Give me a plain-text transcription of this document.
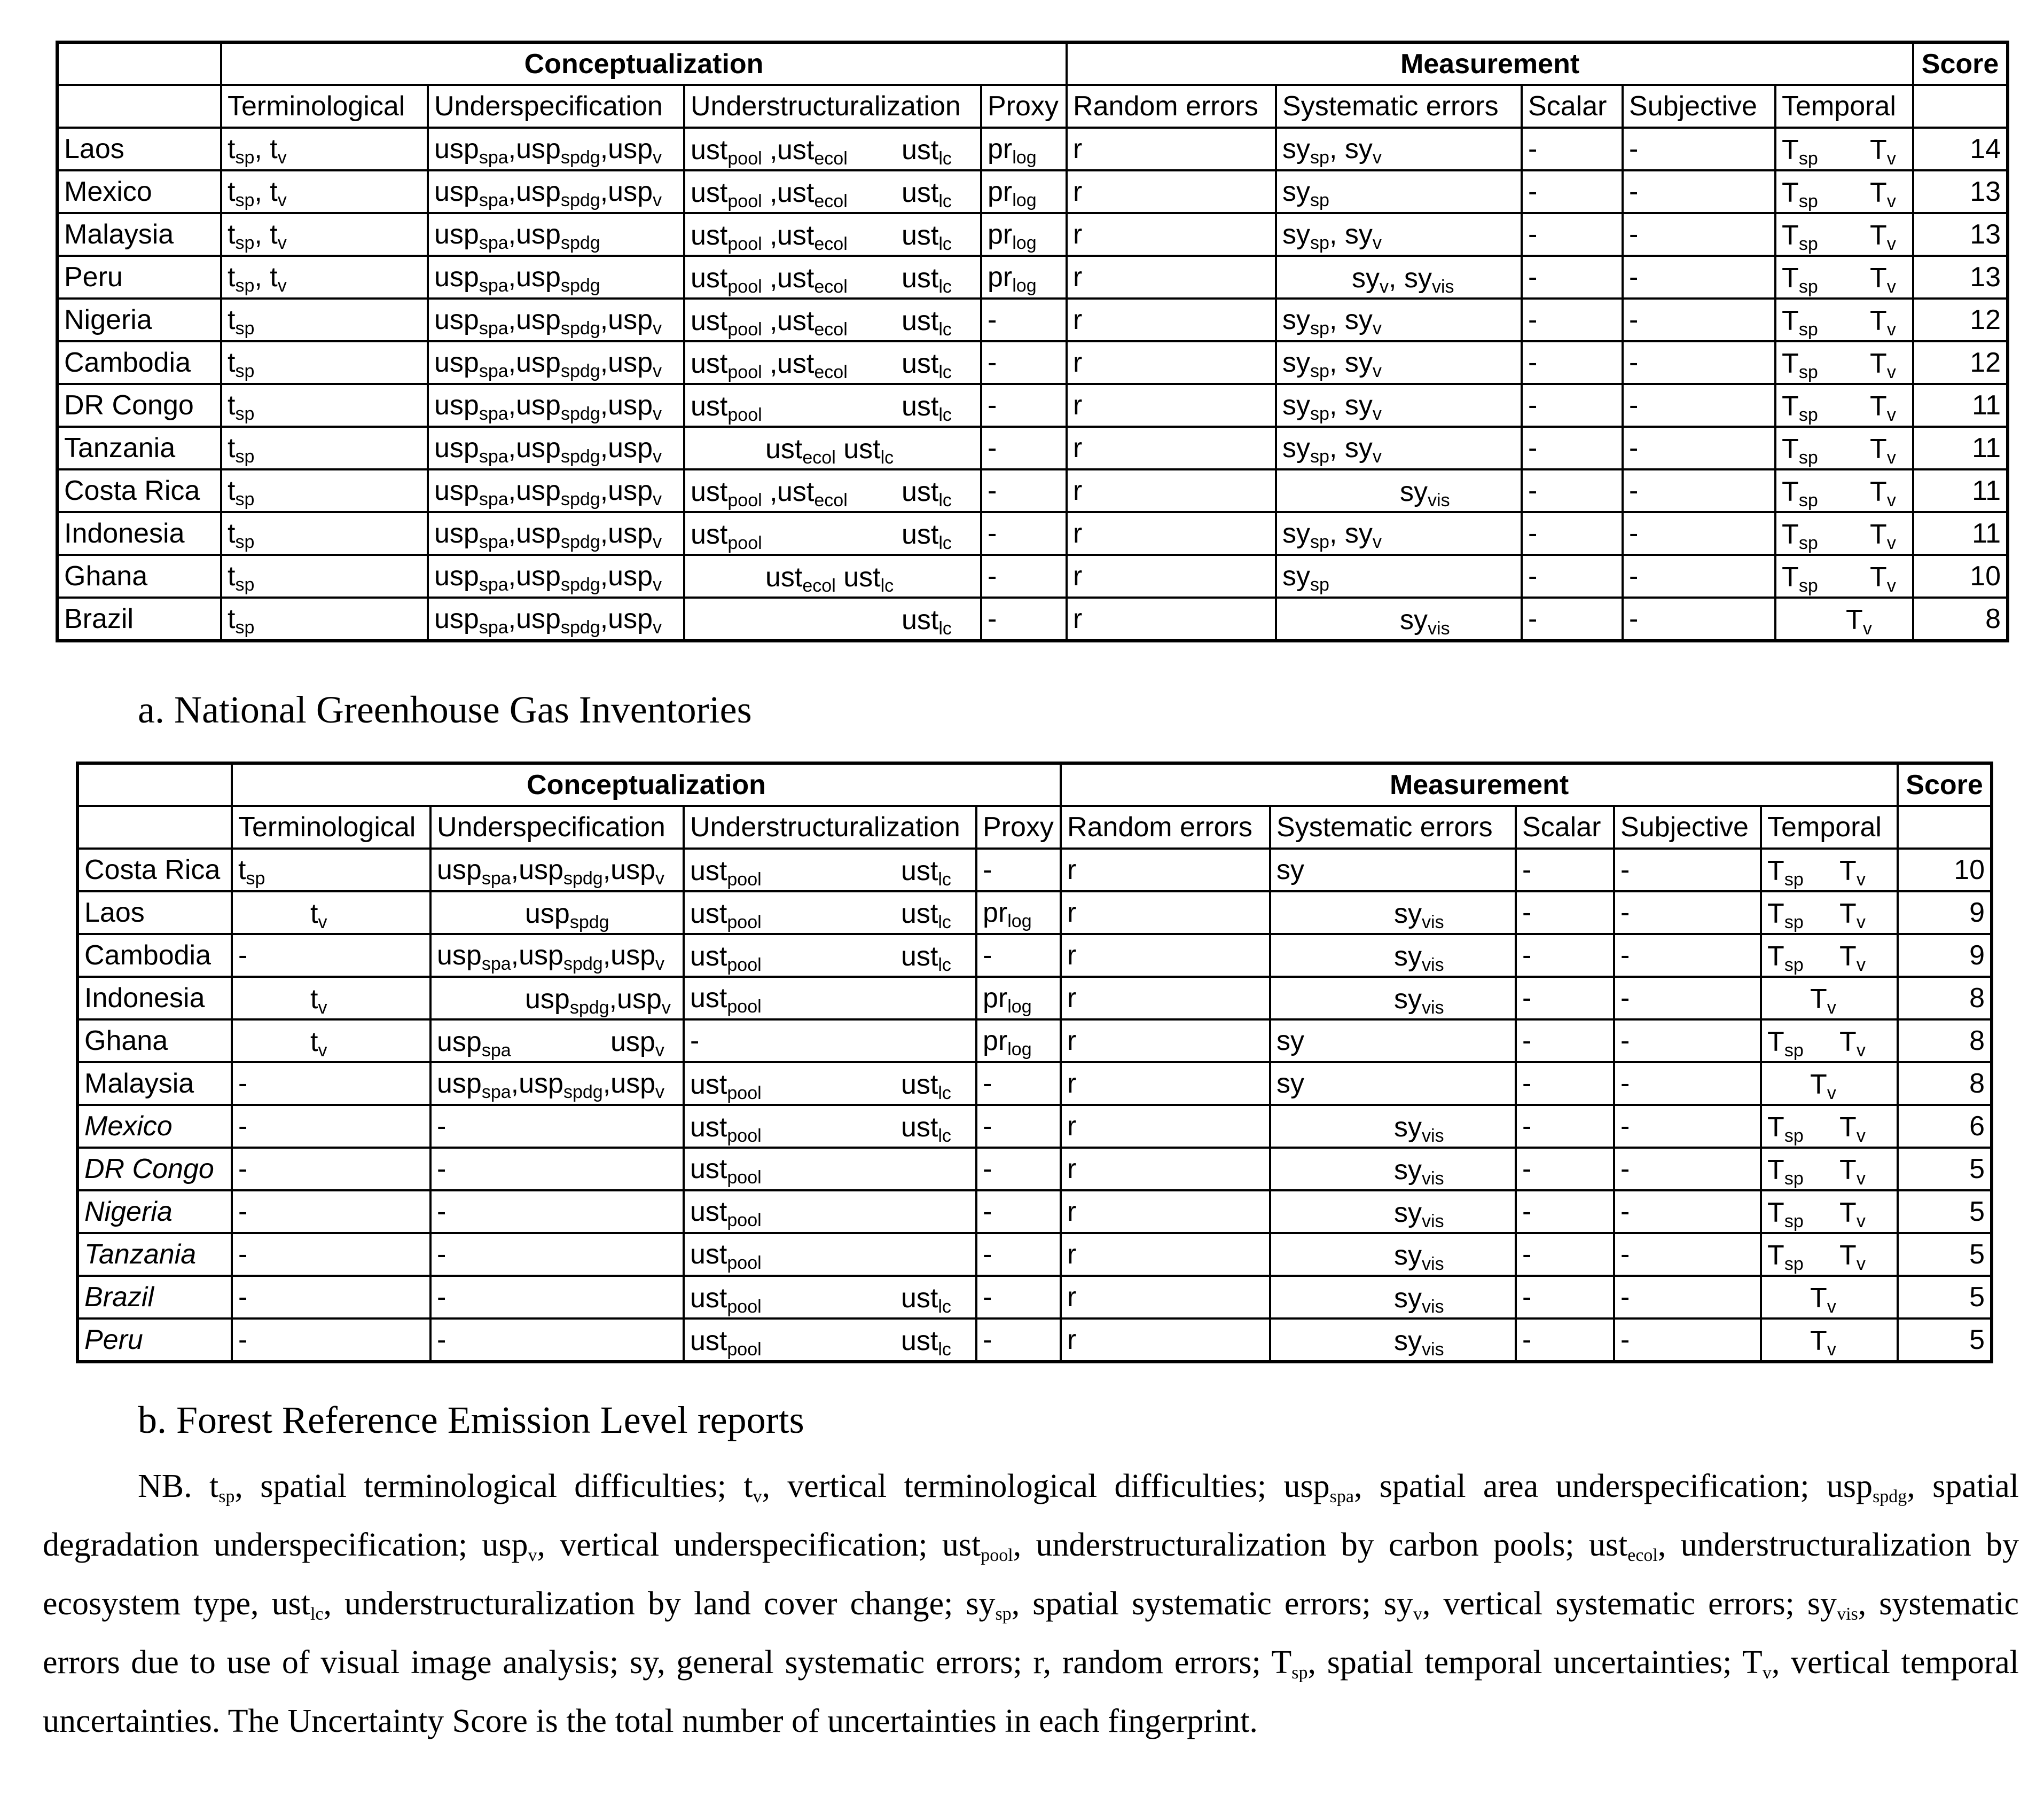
	Conceptualization				Measurement					Score
	Terminological	Underspecification	Understructuralization	Proxy	Random errors	Systematic errors	Scalar	Subjective	Temporal	
Laos	$t_{sp}$, $t_v$	usp$_{spa}$,usp$_{spdg}$,usp$_v$	ust$_{pool}$ , ust$_{ecol}$ ust$_{lc}$	$pr_{log}$	r	$sy_{sp}$, $sy_v$	-	-	$T_{sp}$ $T_v$	14
Mexico	$t_{sp}$, $t_v$	usp$_{spa}$,usp$_{spdg}$,usp$_v$	ust$_{pool}$ , ust$_{ecol}$ ust$_{lc}$	$pr_{log}$	r	$sy_{sp}$	-	-	$T_{sp}$ $T_v$	13
Malaysia	$t_{sp}$, $t_v$	usp$_{spa}$,usp$_{spdg}$	ust$_{pool}$ , ust$_{ecol}$ ust$_{lc}$	$pr_{log}$	r	$sy_{sp}$, $sy_v$	-	-	$T_{sp}$ $T_v$	13
Peru	$t_{sp}$, $t_v$	usp$_{spa}$,usp$_{spdg}$	ust$_{pool}$ , ust$_{ecol}$ ust$_{lc}$	$pr_{log}$	r	$sy_v$, $sy_{vis}$	-	-	$T_{sp}$ $T_v$	13
Nigeria	$t_{sp}$	usp$_{spa}$,usp$_{spdg}$,usp$_v$	ust$_{pool}$ , ust$_{ecol}$ ust$_{lc}$	-	r	$sy_{sp}$, $sy_v$	-	-	$T_{sp}$ $T_v$	12
Cambodia	$t_{sp}$	usp$_{spa}$,usp$_{spdg}$,usp$_v$	ust$_{pool}$ , ust$_{ecol}$ ust$_{lc}$	-	r	$sy_{sp}$, $sy_v$	-	-	$T_{sp}$ $T_v$	12
DR Congo	$t_{sp}$	usp$_{spa}$,usp$_{spdg}$,usp$_v$	ust$_{pool}$ ust$_{lc}$	-	r	$sy_{sp}$, $sy_v$	-	-	$T_{sp}$ $T_v$	11
Tanzania	$t_{sp}$	usp$_{spa}$,usp$_{spdg}$,usp$_v$	ust$_{ecol}$ ust$_{lc}$	-	r	$sy_{sp}$, $sy_v$	-	-	$T_{sp}$ $T_v$	11
Costa Rica	$t_{sp}$	usp$_{spa}$,usp$_{spdg}$,usp$_v$	ust$_{pool}$ , ust$_{ecol}$ ust$_{lc}$	-	r	$sy_{vis}$	-	-	$T_{sp}$ $T_v$	11
Indonesia	$t_{sp}$	usp$_{spa}$,usp$_{spdg}$,usp$_v$	ust$_{pool}$ ust$_{lc}$	-	r	$sy_{sp}$, $sy_v$	-	-	$T_{sp}$ $T_v$	11
Ghana	$t_{sp}$	usp$_{spa}$,usp$_{spdg}$,usp$_v$	ust$_{ecol}$ ust$_{lc}$	-	r	$sy_{sp}$	-	-	$T_{sp}$ $T_v$	10
Brazil	$t_{sp}$	usp$_{spa}$,usp$_{spdg}$,usp$_v$	ust$_{lc}$	-	r	$sy_{vis}$	-	-	$T_v$	8

a. National Greenhouse Gas Inventories

	Conceptualization				Measurement					Score
	Terminological	Underspecification	Understructuralization	Proxy	Random errors	Systematic errors	Scalar	Subjective	Temporal	
Costa Rica	$t_{sp}$	usp$_{spa}$,usp$_{spdg}$,usp$_v$	ust$_{pool}$ ust$_{lc}$	-	r	sy	-	-	$T_{sp}$ $T_v$	10
Laos	$t_v$	usp$_{spdg}$	ust$_{pool}$ ust$_{lc}$	$pr_{log}$	r	$sy_{vis}$	-	-	$T_{sp}$ $T_v$	9
Cambodia	-	usp$_{spa}$,usp$_{spdg}$,usp$_v$	ust$_{pool}$ ust$_{lc}$	-	r	$sy_{vis}$	-	-	$T_{sp}$ $T_v$	9
Indonesia	$t_v$	usp$_{spdg}$,usp$_v$	ust$_{pool}$	$pr_{log}$	r	$sy_{vis}$	-	-	$T_v$	8
Ghana	$t_v$	usp$_{spa}$ usp$_v$	-	$pr_{log}$	r	sy	-	-	$T_{sp}$ $T_v$	8
Malaysia	-	usp$_{spa}$,usp$_{spdg}$,usp$_v$	ust$_{pool}$ ust$_{lc}$	-	r	sy	-	-	$T_v$	8
Mexico	-	-	ust$_{pool}$ ust$_{lc}$	-	r	$sy_{vis}$	-	-	$T_{sp}$ $T_v$	6
DR Congo	-	-	ust$_{pool}$	-	r	$sy_{vis}$	-	-	$T_{sp}$ $T_v$	5
Nigeria	-	-	ust$_{pool}$	-	r	$sy_{vis}$	-	-	$T_{sp}$ $T_v$	5
Tanzania	-	-	ust$_{pool}$	-	r	$sy_{vis}$	-	-	$T_{sp}$ $T_v$	5
Brazil	-	-	ust$_{pool}$ ust$_{lc}$	-	r	$sy_{vis}$	-	-	$T_v$	5
Peru	-	-	ust$_{pool}$ ust$_{lc}$	-	r	$sy_{vis}$	-	-	$T_v$	5

b. Forest Reference Emission Level reports

NB. $t_{sp}$, spatial terminological difficulties; $t_v$, vertical terminological difficulties; usp$_{spa}$, spatial area underspecification; usp$_{spdg}$, spatial degradation underspecification; usp$_v$, vertical underspecification; ust$_{pool}$, understructuralization by carbon pools; ust$_{ecol}$, understructuralization by ecosystem type, ust$_{lc}$, understructuralization by land cover change; $sy_{sp}$, spatial systematic errors; $sy_v$, vertical systematic errors; $sy_{vis}$, systematic errors due to use of visual image analysis; sy, general systematic errors; r, random errors; $T_{sp}$, spatial temporal uncertainties; $T_v$, vertical temporal uncertainties. The Uncertainty Score is the total number of uncertainties in each fingerprint.
